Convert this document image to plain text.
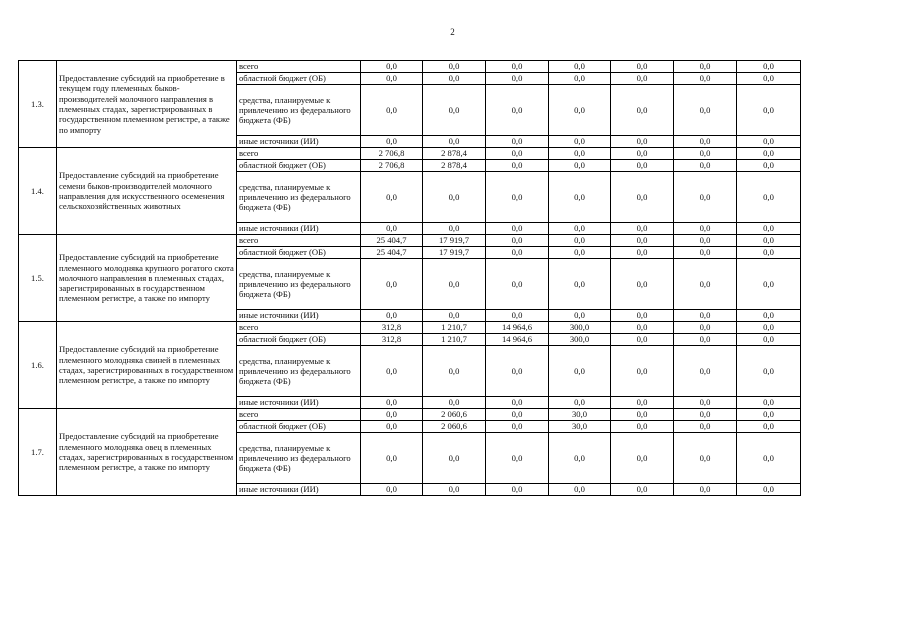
2
1.3.	Предоставление субсидий на приобретение в текущем году племенных быков-производителей молочного направления в племенных стадах, зарегистрированных в государственном племенном регистре, а также по импорту	всего	0,0	0,0	0,0	0,0	0,0	0,0	0,0
		областной бюджет (ОБ)	0,0	0,0	0,0	0,0	0,0	0,0	0,0
		средства, планируемые к привлечению из федерального бюджета (ФБ)	0,0	0,0	0,0	0,0	0,0	0,0	0,0
		иные источники (ИИ)	0,0	0,0	0,0	0,0	0,0	0,0	0,0
1.4.	Предоставление субсидий на приобретение семени быков-производителей молочного направления для искусственного осеменения сельскохозяйственных животных	всего	2 706,8	2 878,4	0,0	0,0	0,0	0,0	0,0
		областной бюджет (ОБ)	2 706,8	2 878,4	0,0	0,0	0,0	0,0	0,0
		средства, планируемые к привлечению из федерального бюджета (ФБ)	0,0	0,0	0,0	0,0	0,0	0,0	0,0
		иные источники (ИИ)	0,0	0,0	0,0	0,0	0,0	0,0	0,0
1.5.	Предоставление субсидий на приобретение племенного молодняка крупного рогатого скота молочного направления в племенных стадах, зарегистрированных в государственном племенном регистре, а также по импорту	всего	25 404,7	17 919,7	0,0	0,0	0,0	0,0	0,0
		областной бюджет (ОБ)	25 404,7	17 919,7	0,0	0,0	0,0	0,0	0,0
		средства, планируемые к привлечению из федерального бюджета (ФБ)	0,0	0,0	0,0	0,0	0,0	0,0	0,0
		иные источники (ИИ)	0,0	0,0	0,0	0,0	0,0	0,0	0,0
1.6.	Предоставление субсидий на приобретение племенного молодняка свиней в племенных стадах, зарегистрированных в государственном племенном регистре, а также по импорту	всего	312,8	1 210,7	14 964,6	300,0	0,0	0,0	0,0
		областной бюджет (ОБ)	312,8	1 210,7	14 964,6	300,0	0,0	0,0	0,0
		средства, планируемые к привлечению из федерального бюджета (ФБ)	0,0	0,0	0,0	0,0	0,0	0,0	0,0
		иные источники (ИИ)	0,0	0,0	0,0	0,0	0,0	0,0	0,0
1.7.	Предоставление субсидий на приобретение племенного молодняка овец в племенных стадах, зарегистрированных в государственном племенном регистре, а также по импорту	всего	0,0	2 060,6	0,0	30,0	0,0	0,0	0,0
		областной бюджет (ОБ)	0,0	2 060,6	0,0	30,0	0,0	0,0	0,0
		средства, планируемые к привлечению из федерального бюджета (ФБ)	0,0	0,0	0,0	0,0	0,0	0,0	0,0
		иные источники (ИИ)	0,0	0,0	0,0	0,0	0,0	0,0	0,0
